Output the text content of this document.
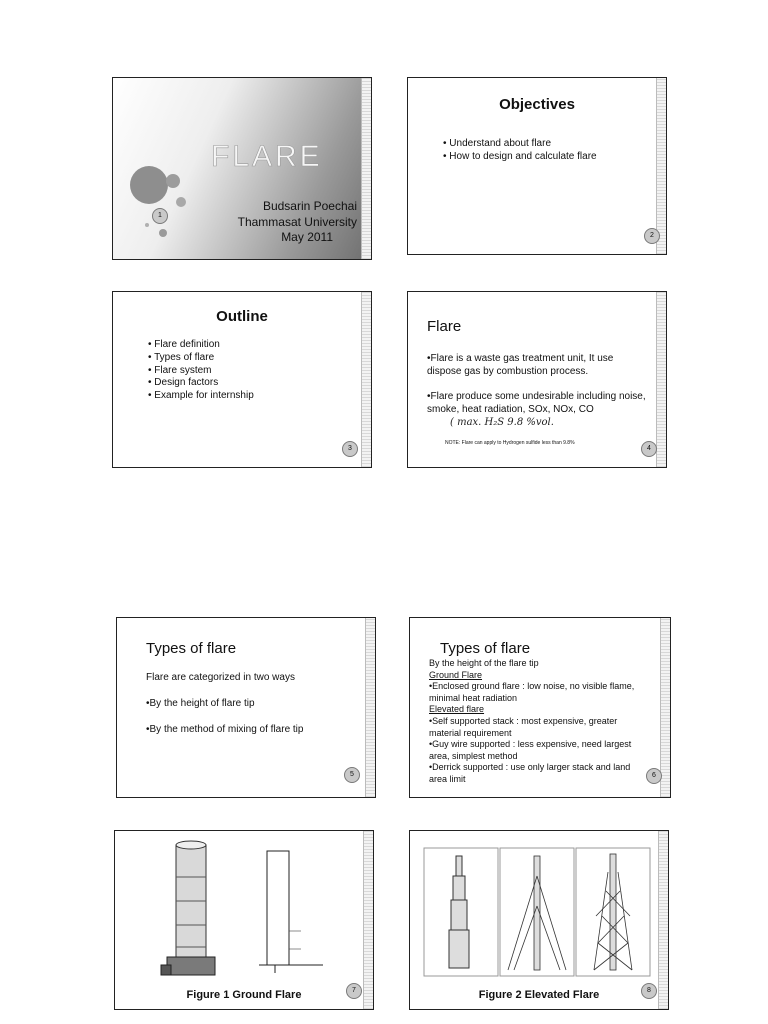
1
FLARE
Budsarin Poechai
Thammasat University
May 2011
Objectives
• Understand about flare
• How to design and calculate flare
2
Outline
• Flare definition
• Types of flare
• Flare system
• Design factors
• Example for internship
3
Flare
•Flare is a waste gas treatment unit, It use dispose gas by combustion process.
•Flare produce some undesirable including noise, smoke, heat radiation, SOx, NOx, CO
( max. H₂S 9.8 %vol.
NOTE: Flare can apply to Hydrogen sulfide less than 9.8%
4
Types of flare
Flare are categorized in two ways
•By the height of flare tip
•By the method of mixing of flare tip
5
Types of flare
By the height of the flare tip
Ground Flare
•Enclosed ground flare : low noise, no visible flame,
minimal heat radiation
Elevated flare
•Self supported stack : most expensive, greater
material requirement
•Guy wire supported : less expensive, need largest
area, simplest method
•Derrick supported : use only larger stack and land
area limit	6
Figure 1 Ground Flare	7	Figure 2 Elevated Flare	8
